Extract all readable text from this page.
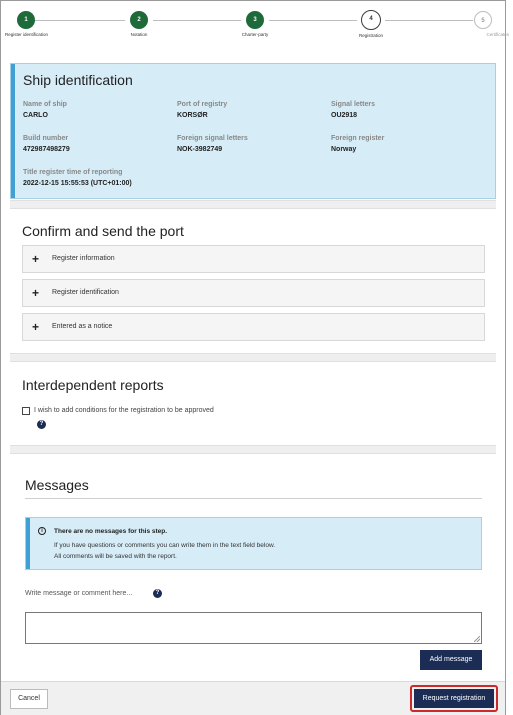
1
Register identification
2
Notation
3
Charter-party
4
Registration
5
Certificates
Ship identification
Name of ship
CARLO
Port of registry
KORSØR
Signal letters
OU2918
Build number
472987498279
Foreign signal letters
NOK-3982749
Foreign register
Norway
Title register time of reporting
2022-12-15 15:55:53 (UTC+01:00)
Confirm and send the port
+ Register information
+ Register identification
+ Entered as a notice
Interdependent reports
I wish to add conditions for the registration to be approved
?
Messages
i	There are no messages for this step.
If you have questions or comments you can write them in the text field below.
All comments will be saved with the report.
Write message or comment here...	?
Add message
Cancel	Request registration
